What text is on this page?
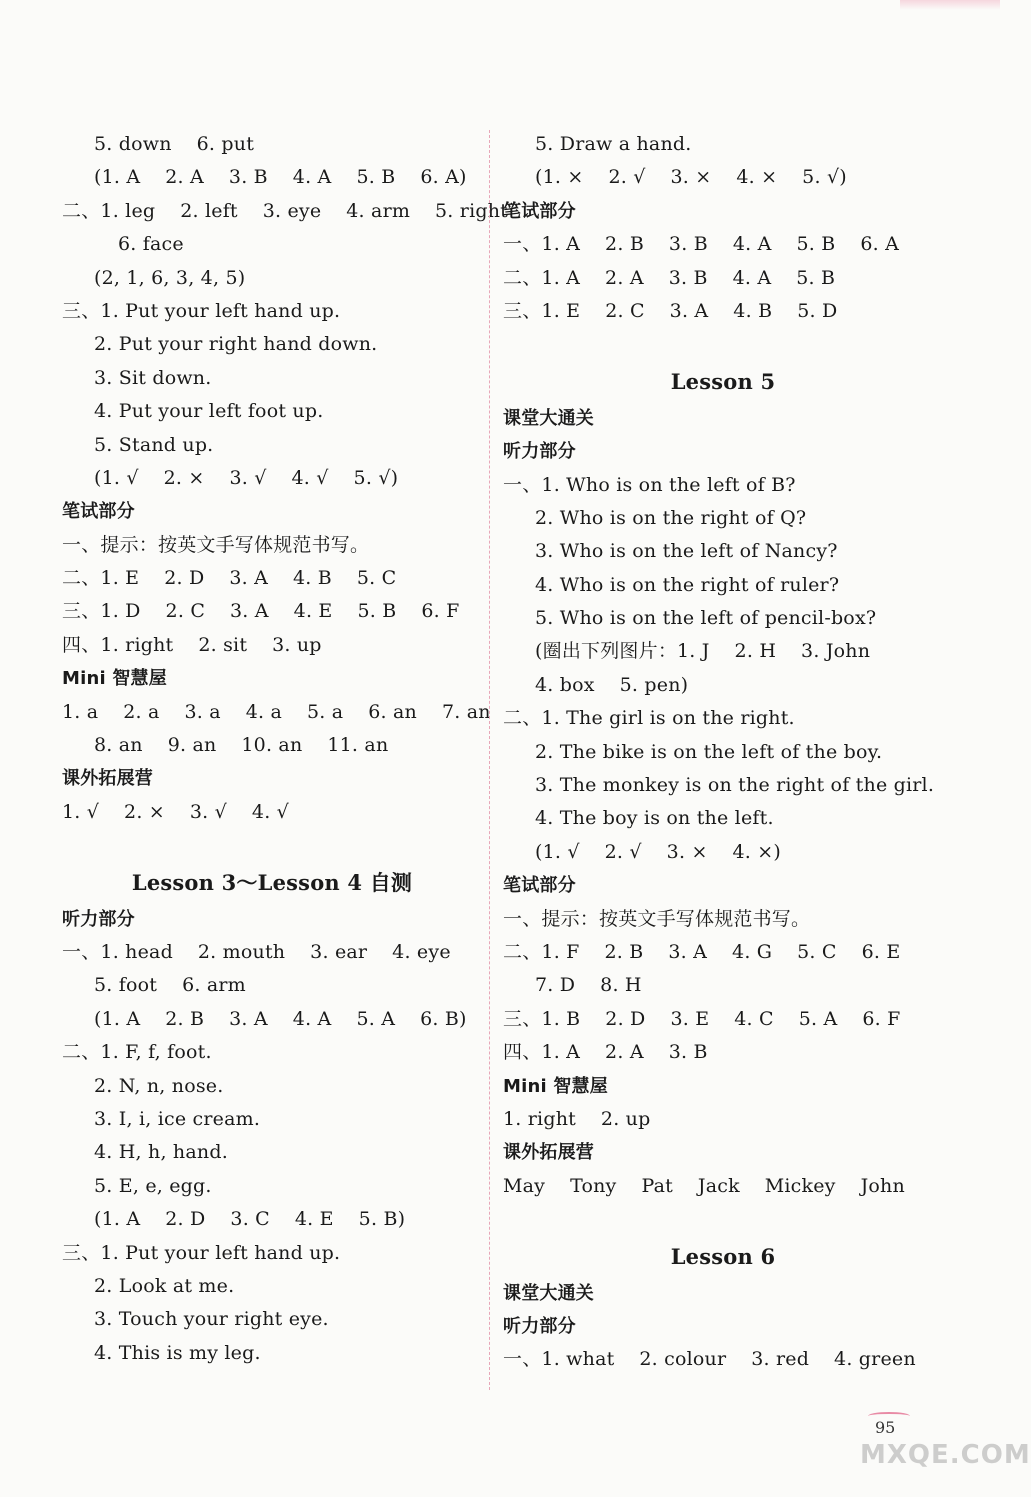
5. down    6. put
(1. A    2. A    3. B    4. A    5. B    6. A)
二、1. leg    2. left    3. eye    4. arm    5. right
6. face
(2, 1, 6, 3, 4, 5)
三、1. Put your left hand up.
2. Put your right hand down.
3. Sit down.
4. Put your left foot up.
5. Stand up.
(1. √    2. ×    3. √    4. √    5. √)
笔试部分
一、提示：按英文手写体规范书写。
二、1. E    2. D    3. A    4. B    5. C
三、1. D    2. C    3. A    4. E    5. B    6. F
四、1. right    2. sit    3. up
Mini 智慧屋
1. a    2. a    3. a    4. a    5. a    6. an    7. an
8. an    9. an    10. an    11. an
课外拓展营
1. √    2. ×    3. √    4. √
Lesson 3～Lesson 4 自测
听力部分
一、1. head    2. mouth    3. ear    4. eye
5. foot    6. arm
(1. A    2. B    3. A    4. A    5. A    6. B)
二、1. F, f, foot.
2. N, n, nose.
3. I, i, ice cream.
4. H, h, hand.
5. E, e, egg.
(1. A    2. D    3. C    4. E    5. B)
三、1. Put your left hand up.
2. Look at me.
3. Touch your right eye.
4. This is my leg.
5. Draw a hand.
(1. ×    2. √    3. ×    4. ×    5. √)
笔试部分
一、1. A    2. B    3. B    4. A    5. B    6. A
二、1. A    2. A    3. B    4. A    5. B
三、1. E    2. C    3. A    4. B    5. D
Lesson 5
课堂大通关
听力部分
一、1. Who is on the left of B?
2. Who is on the right of Q?
3. Who is on the left of Nancy?
4. Who is on the right of ruler?
5. Who is on the left of pencil-box?
(圈出下列图片：1. J    2. H    3. John
4. box    5. pen)
二、1. The girl is on the right.
2. The bike is on the left of the boy.
3. The monkey is on the right of the girl.
4. The boy is on the left.
(1. √    2. √    3. ×    4. ×)
笔试部分
一、提示：按英文手写体规范书写。
二、1. F    2. B    3. A    4. G    5. C    6. E
7. D    8. H
三、1. B    2. D    3. E    4. C    5. A    6. F
四、1. A    2. A    3. B
Mini 智慧屋
1. right    2. up
课外拓展营
May    Tony    Pat    Jack    Mickey    John
Lesson 6
课堂大通关
听力部分
一、1. what    2. colour    3. red    4. green
95
MXQE.COM
